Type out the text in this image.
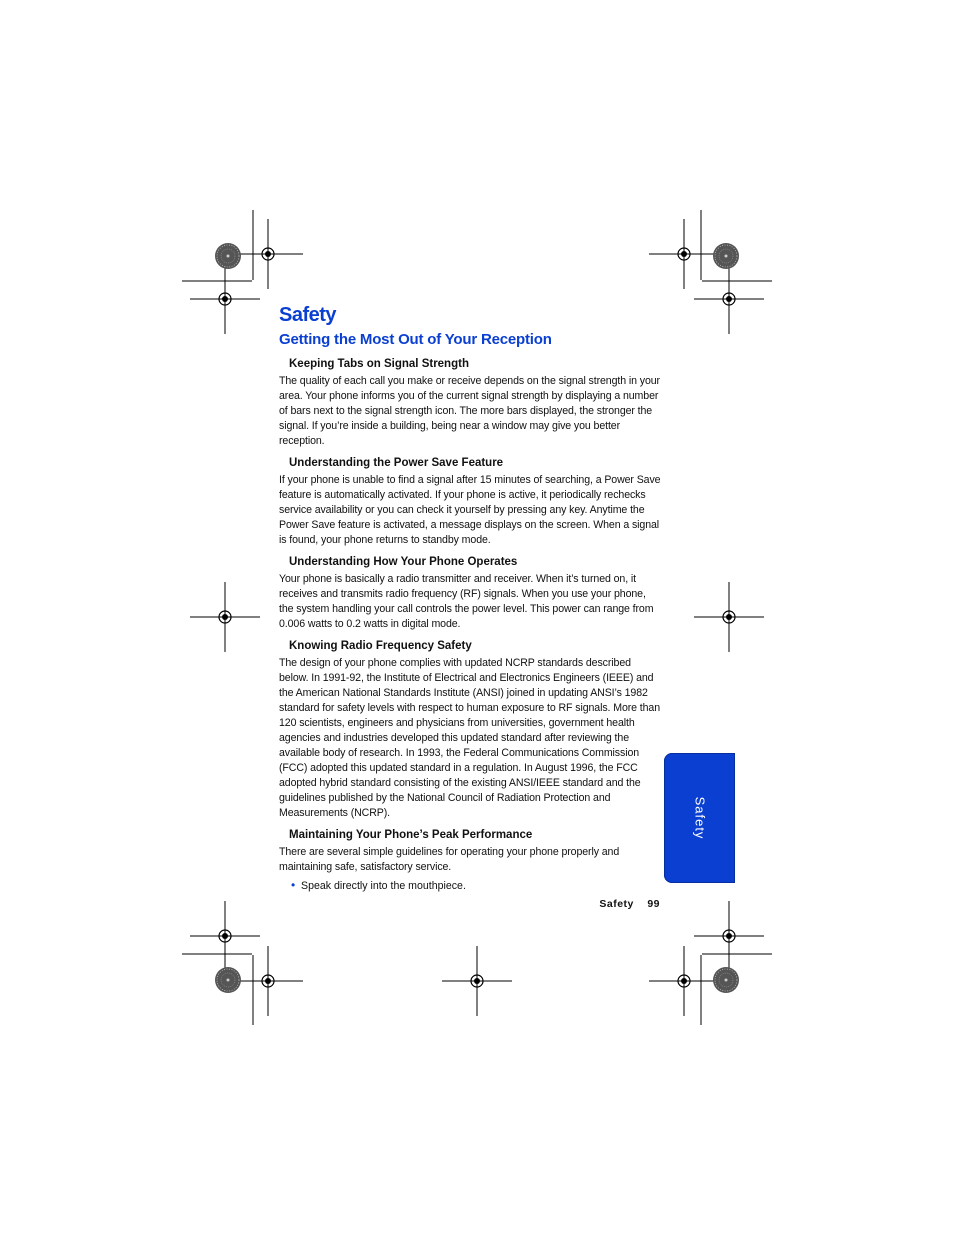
Safety
Getting the Most Out of Your Reception
Keeping Tabs on Signal Strength

The quality of each call you make or receive depends on the signal strength in your area. Your phone informs you of the current signal strength by displaying a number of bars next to the signal strength icon. The more bars displayed, the stronger the signal. If you’re inside a building, being near a window may give you better reception.

Understanding the Power Save Feature

If your phone is unable to find a signal after 15 minutes of searching, a Power Save feature is automatically activated. If your phone is active, it periodically rechecks service availability or you can check it yourself by pressing any key. Anytime the Power Save feature is activated, a message displays on the screen. When a signal is found, your phone returns to standby mode.

Understanding How Your Phone Operates

Your phone is basically a radio transmitter and receiver. When it’s turned on, it receives and transmits radio frequency (RF) signals. When you use your phone, the system handling your call controls the power level. This power can range from 0.006 watts to 0.2 watts in digital mode.

Knowing Radio Frequency Safety

The design of your phone complies with updated NCRP standards described below. In 1991-92, the Institute of Electrical and Electronics Engineers (IEEE) and the American National Standards Institute (ANSI) joined in updating ANSI’s 1982 standard for safety levels with respect to human exposure to RF signals. More than 120 scientists, engineers and physicians from universities, government health agencies and industries developed this updated standard after reviewing the available body of research. In 1993, the Federal Communications Commission (FCC) adopted this updated standard in a regulation. In August 1996, the FCC adopted hybrid standard consisting of the existing ANSI/IEEE standard and the guidelines published by the National Council of Radiation Protection and Measurements (NCRP).

Maintaining Your Phone’s Peak Performance

There are several simple guidelines for operating your phone properly and maintaining safe, satisfactory service.

• Speak directly into the mouthpiece.
Safety
Safety 99
